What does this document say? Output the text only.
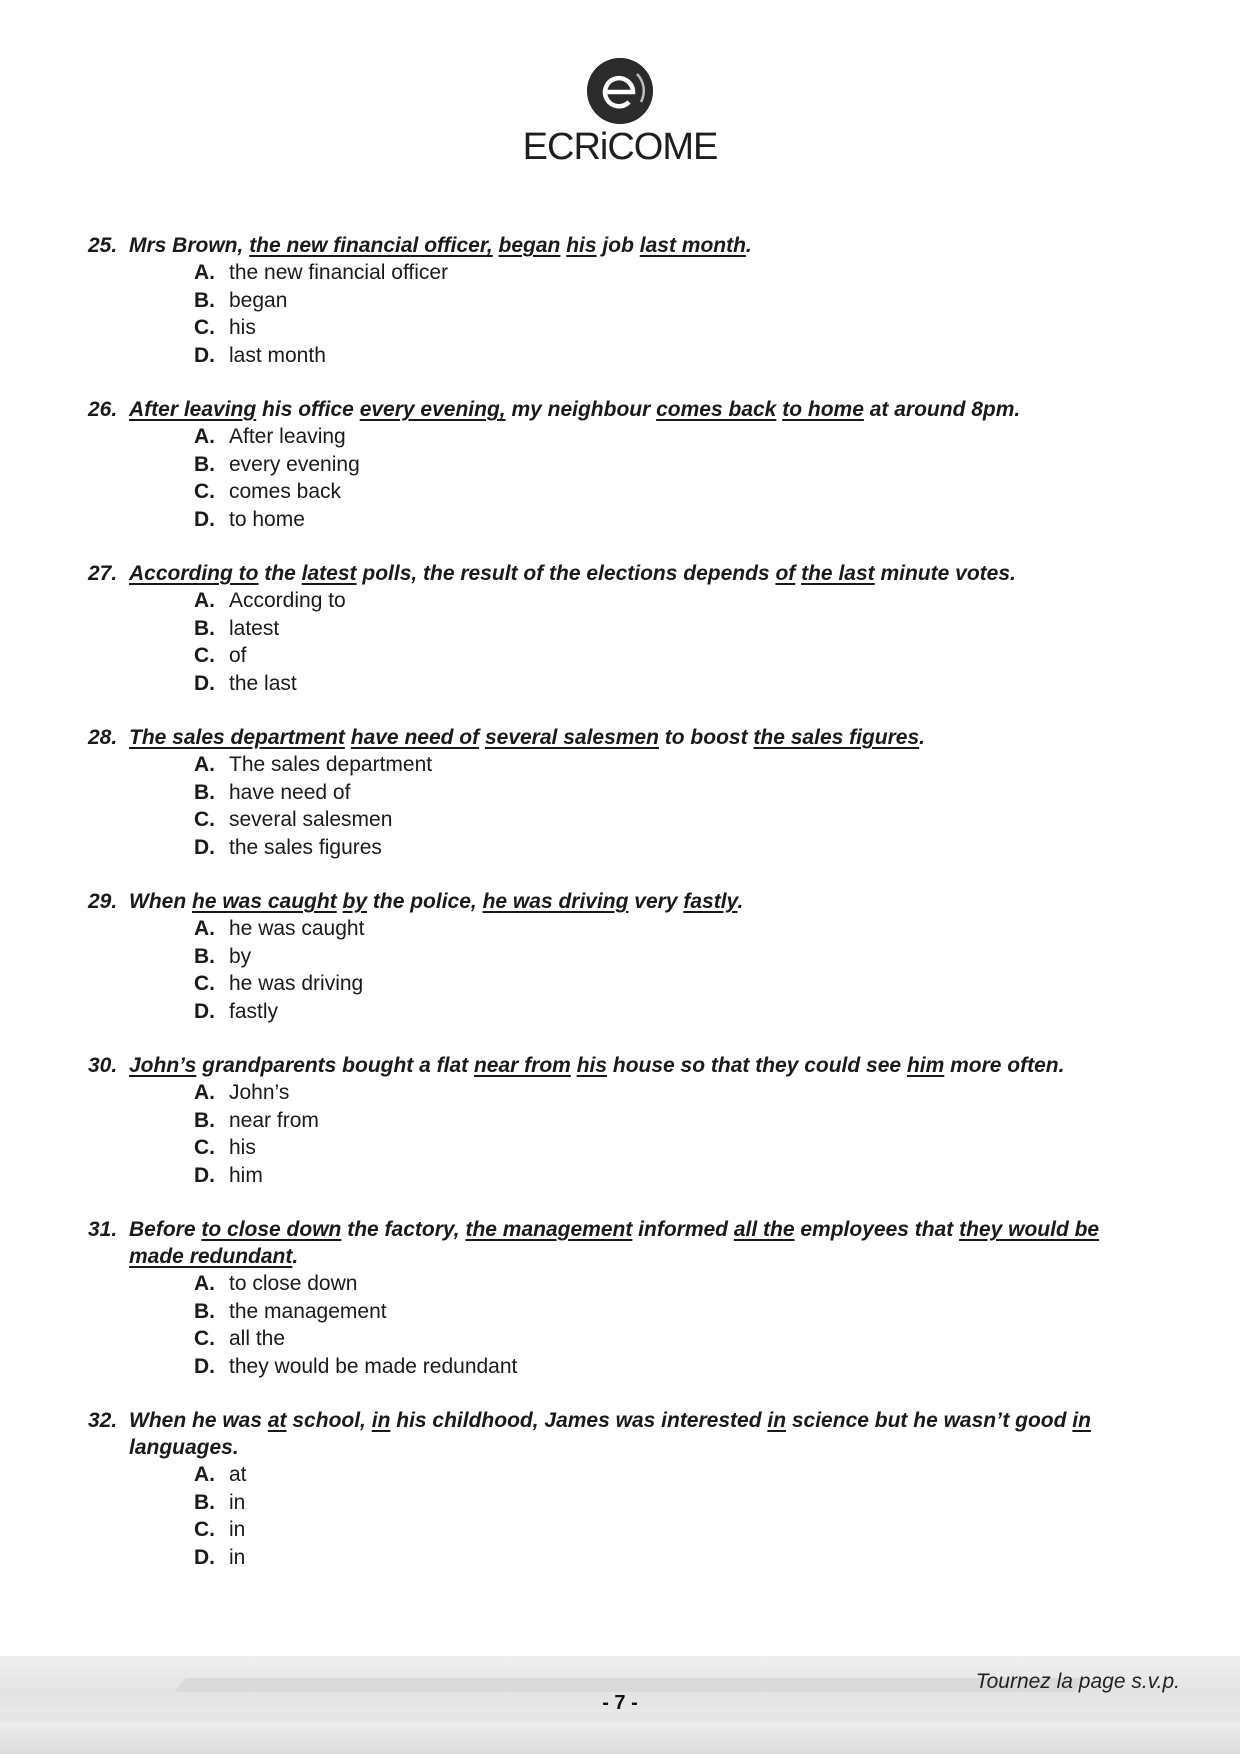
ECRiCOME
25. Mrs Brown, the new financial officer, began his job last month.
A. the new financial officer
B. began
C. his
D. last month
26. After leaving his office every evening, my neighbour comes back to home at around 8pm.
A. After leaving
B. every evening
C. comes back
D. to home
27. According to the latest polls, the result of the elections depends of the last minute votes.
A. According to
B. latest
C. of
D. the last
28. The sales department have need of several salesmen to boost the sales figures.
A. The sales department
B. have need of
C. several salesmen
D. the sales figures
29. When he was caught by the police, he was driving very fastly.
A. he was caught
B. by
C. he was driving
D. fastly
30. John’s grandparents bought a flat near from his house so that they could see him more often.
A. John’s
B. near from
C. his
D. him
31. Before to close down the factory, the management informed all the employees that they would be made redundant.
A. to close down
B. the management
C. all the
D. they would be made redundant
32. When he was at school, in his childhood, James was interested in science but he wasn’t good in languages.
A. at
B. in
C. in
D. in
Tournez la page s.v.p.
- 7 -
